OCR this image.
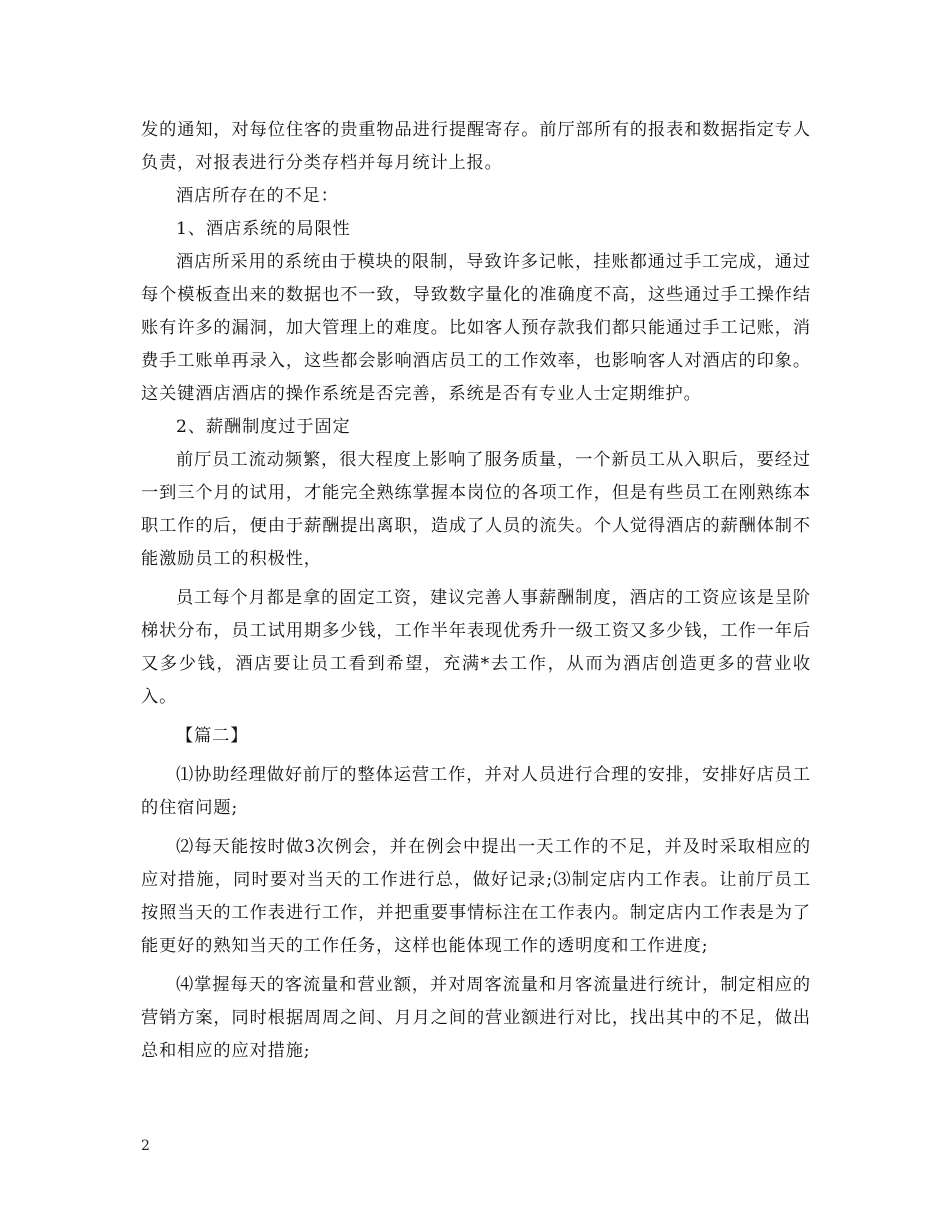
发的通知，对每位住客的贵重物品进行提醒寄存。前厅部所有的报表和数据指定专人负责，对报表进行分类存档并每月统计上报。

酒店所存在的不足：

1、酒店系统的局限性

酒店所采用的系统由于模块的限制，导致许多记帐，挂账都通过手工完成，通过每个模板查出来的数据也不一致，导致数字量化的准确度不高，这些通过手工操作结账有许多的漏洞，加大管理上的难度。比如客人预存款我们都只能通过手工记账，消费手工账单再录入，这些都会影响酒店员工的工作效率，也影响客人对酒店的印象。这关键酒店酒店的操作系统是否完善，系统是否有专业人士定期维护。

2、薪酬制度过于固定

前厅员工流动频繁，很大程度上影响了服务质量，一个新员工从入职后，要经过一到三个月的试用，才能完全熟练掌握本岗位的各项工作，但是有些员工在刚熟练本职工作的后，便由于薪酬提出离职，造成了人员的流失。个人觉得酒店的薪酬体制不能激励员工的积极性，

员工每个月都是拿的固定工资，建议完善人事薪酬制度，酒店的工资应该是呈阶梯状分布，员工试用期多少钱，工作半年表现优秀升一级工资又多少钱，工作一年后又多少钱，酒店要让员工看到希望，充满*去工作，从而为酒店创造更多的营业收入。

【篇二】

⑴协助经理做好前厅的整体运营工作，并对人员进行合理的安排，安排好店员工的住宿问题;

⑵每天能按时做3次例会，并在例会中提出一天工作的不足，并及时采取相应的应对措施，同时要对当天的工作进行总，做好记录;⑶制定店内工作表。让前厅员工按照当天的工作表进行工作，并把重要事情标注在工作表内。制定店内工作表是为了能更好的熟知当天的工作任务，这样也能体现工作的透明度和工作进度;

⑷掌握每天的客流量和营业额，并对周客流量和月客流量进行统计，制定相应的营销方案，同时根据周周之间、月月之间的营业额进行对比，找出其中的不足，做出总和相应的应对措施;

2
